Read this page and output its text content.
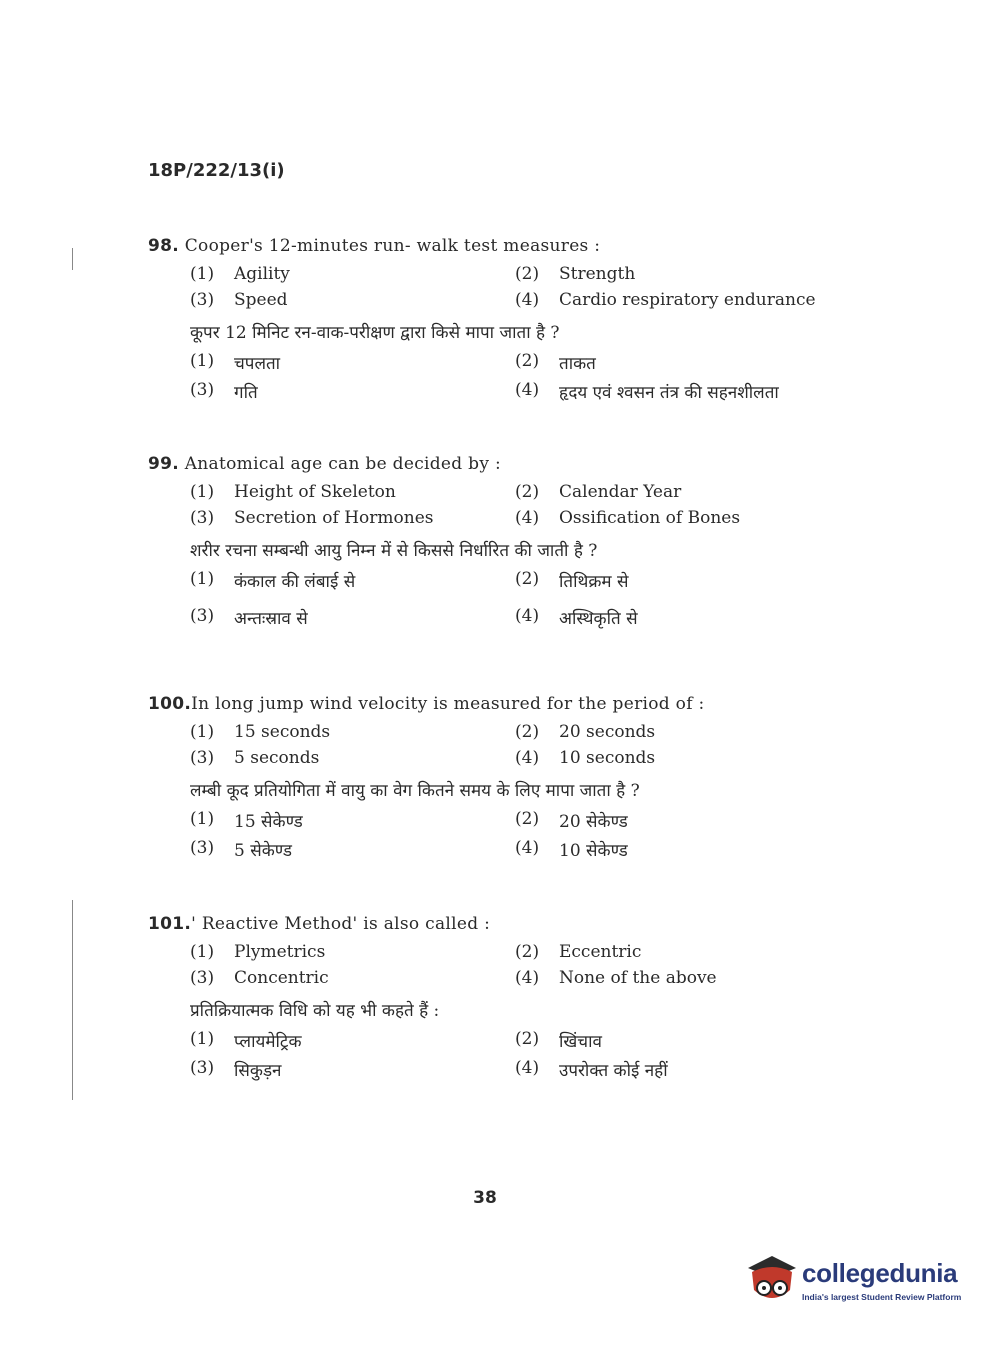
18P/222/13(i)
98. Cooper's 12-minutes run- walk test measures :
(1) Agility	(2) Strength
(3) Speed	(4) Cardio respiratory endurance
कूपर 12 मिनिट रन-वाक-परीक्षण द्वारा किसे मापा जाता है ?
(1) चपलता	(2) ताकत
(3) गति	(4) हृदय एवं श्वसन तंत्र की सहनशीलता
99. Anatomical age can be decided by :
(1) Height of Skeleton	(2) Calendar Year
(3) Secretion of Hormones	(4) Ossification of Bones
शरीर रचना सम्बन्धी आयु निम्न में से किससे निर्धारित की जाती है ?
(1) कंकाल की लंबाई से	(2) तिथिक्रम से
(3) अन्तःस्राव से	(4) अस्थिकृति से
100.In long jump wind velocity is measured for the period of :
(1) 15 seconds	(2) 20 seconds
(3) 5 seconds	(4) 10 seconds
लम्बी कूद प्रतियोगिता में वायु का वेग कितने समय के लिए मापा जाता है ?
(1) 15 सेकेण्ड	(2) 20 सेकेण्ड
(3) 5 सेकेण्ड	(4) 10 सेकेण्ड
101.' Reactive Method' is also called :
(1) Plymetrics	(2) Eccentric
(3) Concentric	(4) None of the above
प्रतिक्रियात्मक विधि को यह भी कहते हैं :
(1) प्लायमेट्रिक	(2) खिंचाव
(3) सिकुड़न	(4) उपरोक्त कोई नहीं
38
collegedunia
India's largest Student Review Platform
